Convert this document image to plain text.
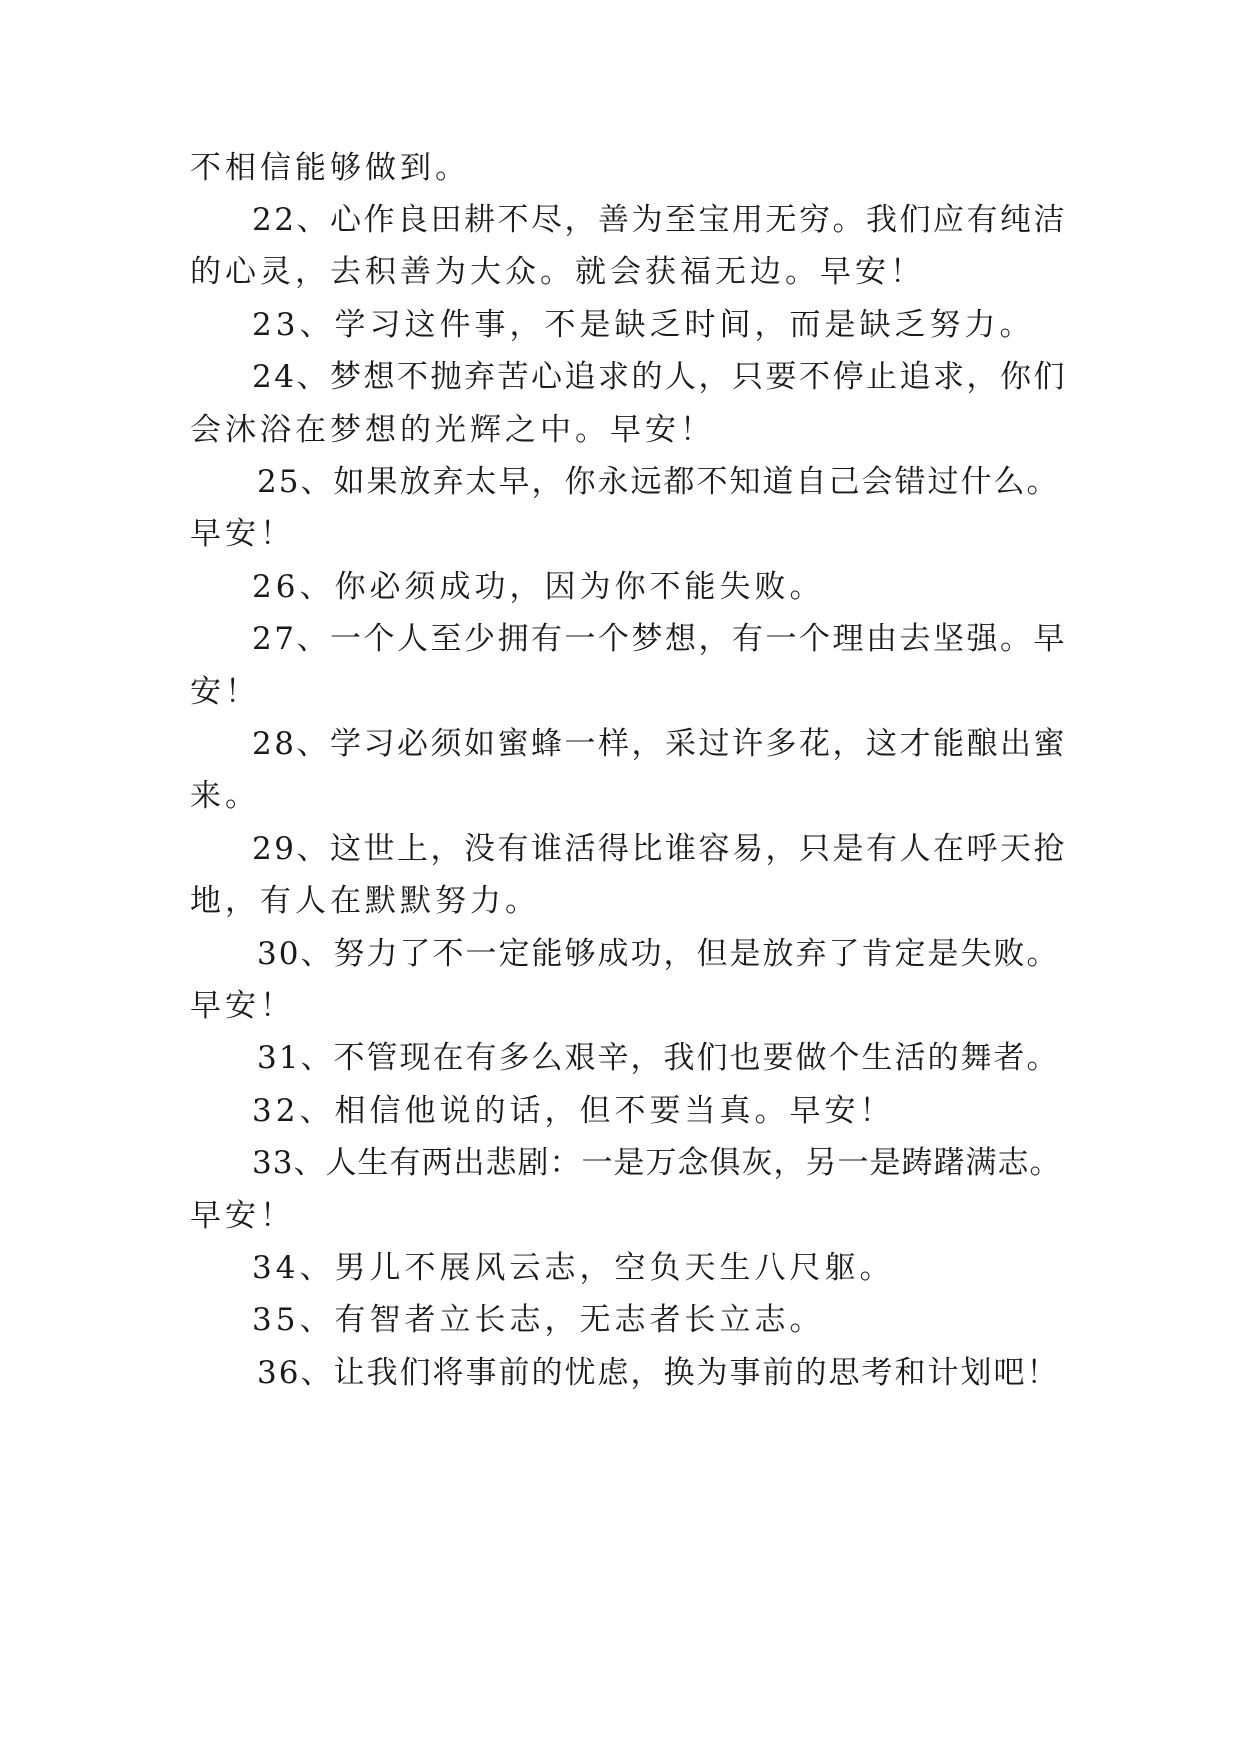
不相信能够做到。
22、心作良田耕不尽，善为至宝用无穷。我们应有纯洁
的心灵，去积善为大众。就会获福无边。早安！
23、学习这件事，不是缺乏时间，而是缺乏努力。
24、梦想不抛弃苦心追求的人，只要不停止追求，你们
会沐浴在梦想的光辉之中。早安！
25、如果放弃太早，你永远都不知道自己会错过什么。
早安！
26、你必须成功，因为你不能失败。
27、一个人至少拥有一个梦想，有一个理由去坚强。早
安！
28、学习必须如蜜蜂一样，采过许多花，这才能酿出蜜
来。
29、这世上，没有谁活得比谁容易，只是有人在呼天抢
地，有人在默默努力。
30、努力了不一定能够成功，但是放弃了肯定是失败。
早安！
31、不管现在有多么艰辛，我们也要做个生活的舞者。
32、相信他说的话，但不要当真。早安！
33、人生有两出悲剧：一是万念俱灰，另一是踌躇满志。
早安！
34、男儿不展风云志，空负天生八尺躯。
35、有智者立长志，无志者长立志。
36、让我们将事前的忧虑，换为事前的思考和计划吧！
